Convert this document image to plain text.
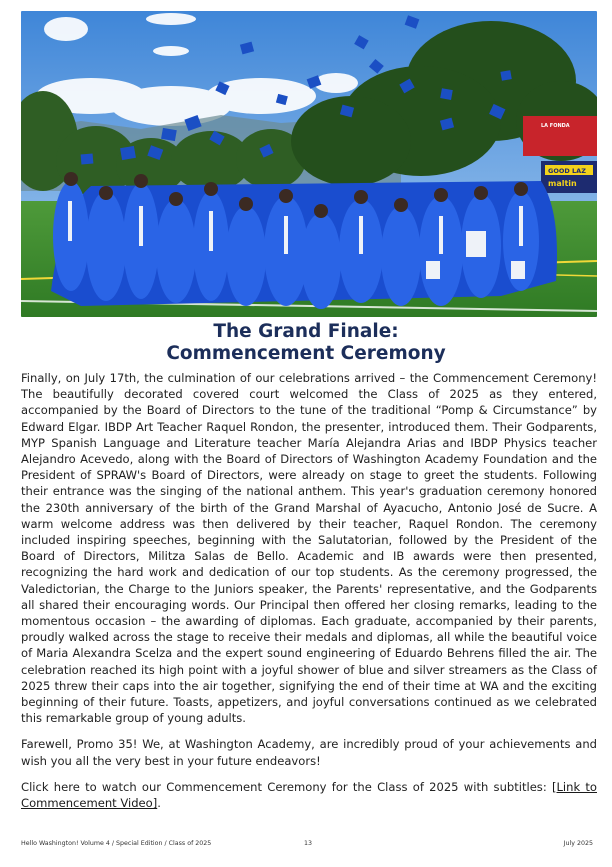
LA FONDA
GOOD LAZ
maltin
The Grand Finale:
Commencement Ceremony

Finally, on July 17th, the culmination of our celebrations arrived – the Commencement Ceremony! The beautifully decorated covered court welcomed the Class of 2025 as they entered, accompanied by the Board of Directors to the tune of the traditional “Pomp & Circumstance” by Edward Elgar. IBDP Art Teacher Raquel Rondon, the presenter, introduced them. Their Godparents, MYP Spanish Language and Literature teacher María Alejandra Arias and IBDP Physics teacher Alejandro Acevedo, along with the Board of Directors of Washington Academy Foundation and the President of SPRAW's Board of Directors, were already on stage to greet the students. Following their entrance was the singing of the national anthem. This year's graduation ceremony honored the 230th anniversary of the birth of the Grand Marshal of Ayacucho, Antonio José de Sucre. A warm welcome address was then delivered by their teacher, Raquel Rondon. The ceremony included inspiring speeches, beginning with the Salutatorian, followed by the President of the Board of Directors, Militza Salas de Bello. Academic and IB awards were then presented, recognizing the hard work and dedication of our top students. As the ceremony progressed, the Valedictorian, the Charge to the Juniors speaker, the Parents' representative, and the Godparents all shared their encouraging words. Our Principal then offered her closing remarks, leading to the momentous occasion – the awarding of diplomas. Each graduate, accompanied by their parents, proudly walked across the stage to receive their medals and diplomas, all while the beautiful voice of Maria Alexandra Scelza and the expert sound engineering of Eduardo Behrens filled the air. The celebration reached its high point with a joyful shower of blue and silver streamers as the Class of 2025 threw their caps into the air together, signifying the end of their time at WA and the exciting beginning of their future. Toasts, appetizers, and joyful conversations continued as we celebrated this remarkable group of young adults.

Farewell, Promo 35! We, at Washington Academy, are incredibly proud of your achievements and wish you all the very best in your future endeavors!

Click here to watch our Commencement Ceremony for the Class of 2025 with subtitles: [Link to Commencement Video].

Hello Washington! Volume 4 / Special Edition / Class of 2025	13	July 2025
